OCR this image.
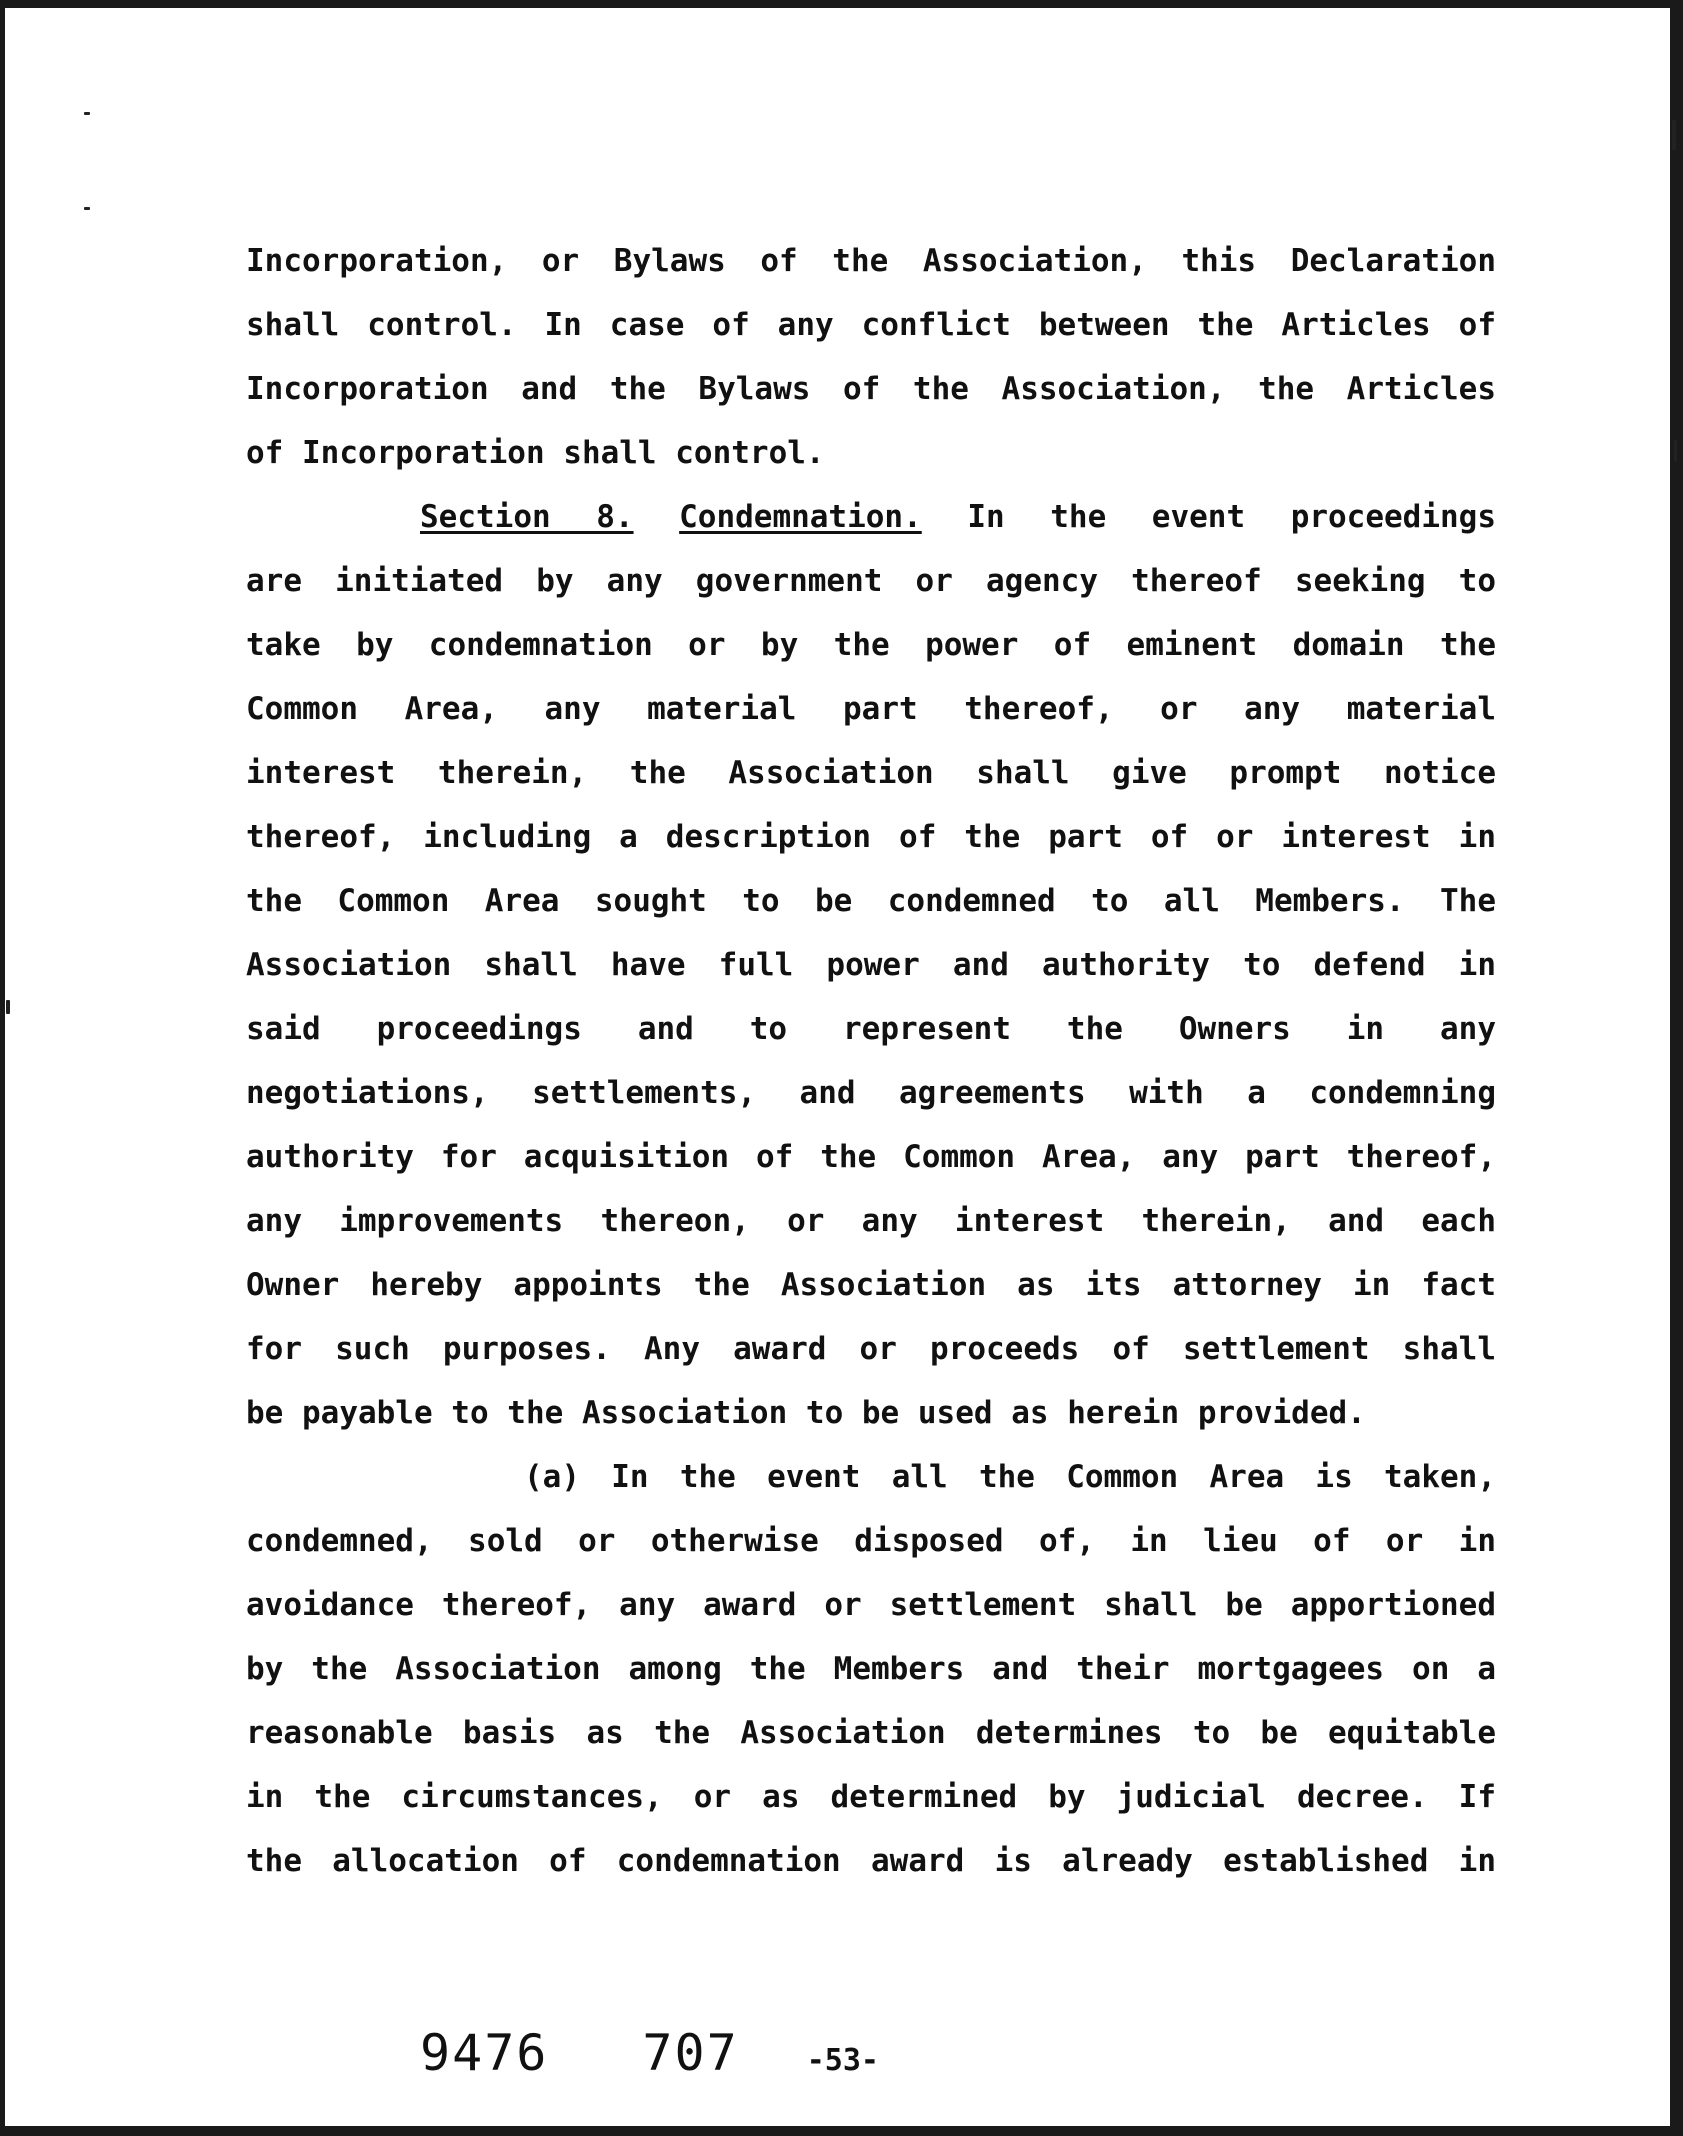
Incorporation, or Bylaws of the Association, this Declaration
shall control. In case of any conflict between the Articles of
Incorporation and the Bylaws of the Association, the Articles
of Incorporation shall control.
Section 8. Condemnation. In the event proceedings
are initiated by any government or agency thereof seeking to
take by condemnation or by the power of eminent domain the
Common Area, any material part thereof, or any material
interest therein, the Association shall give prompt notice
thereof, including a description of the part of or interest in
the Common Area sought to be condemned to all Members. The
Association shall have full power and authority to defend in
said proceedings and to represent the Owners in any
negotiations, settlements, and agreements with a condemning
authority for acquisition of the Common Area, any part thereof,
any improvements thereon, or any interest therein, and each
Owner hereby appoints the Association as its attorney in fact
for such purposes. Any award or proceeds of settlement shall
be payable to the Association to be used as herein provided.
(a) In the event all the Common Area is taken,
condemned, sold or otherwise disposed of, in lieu of or in
avoidance thereof, any award or settlement shall be apportioned
by the Association among the Members and their mortgagees on a
reasonable basis as the Association determines to be equitable
in the circumstances, or as determined by judicial decree. If
the allocation of condemnation award is already established in
9476 707 -53-
